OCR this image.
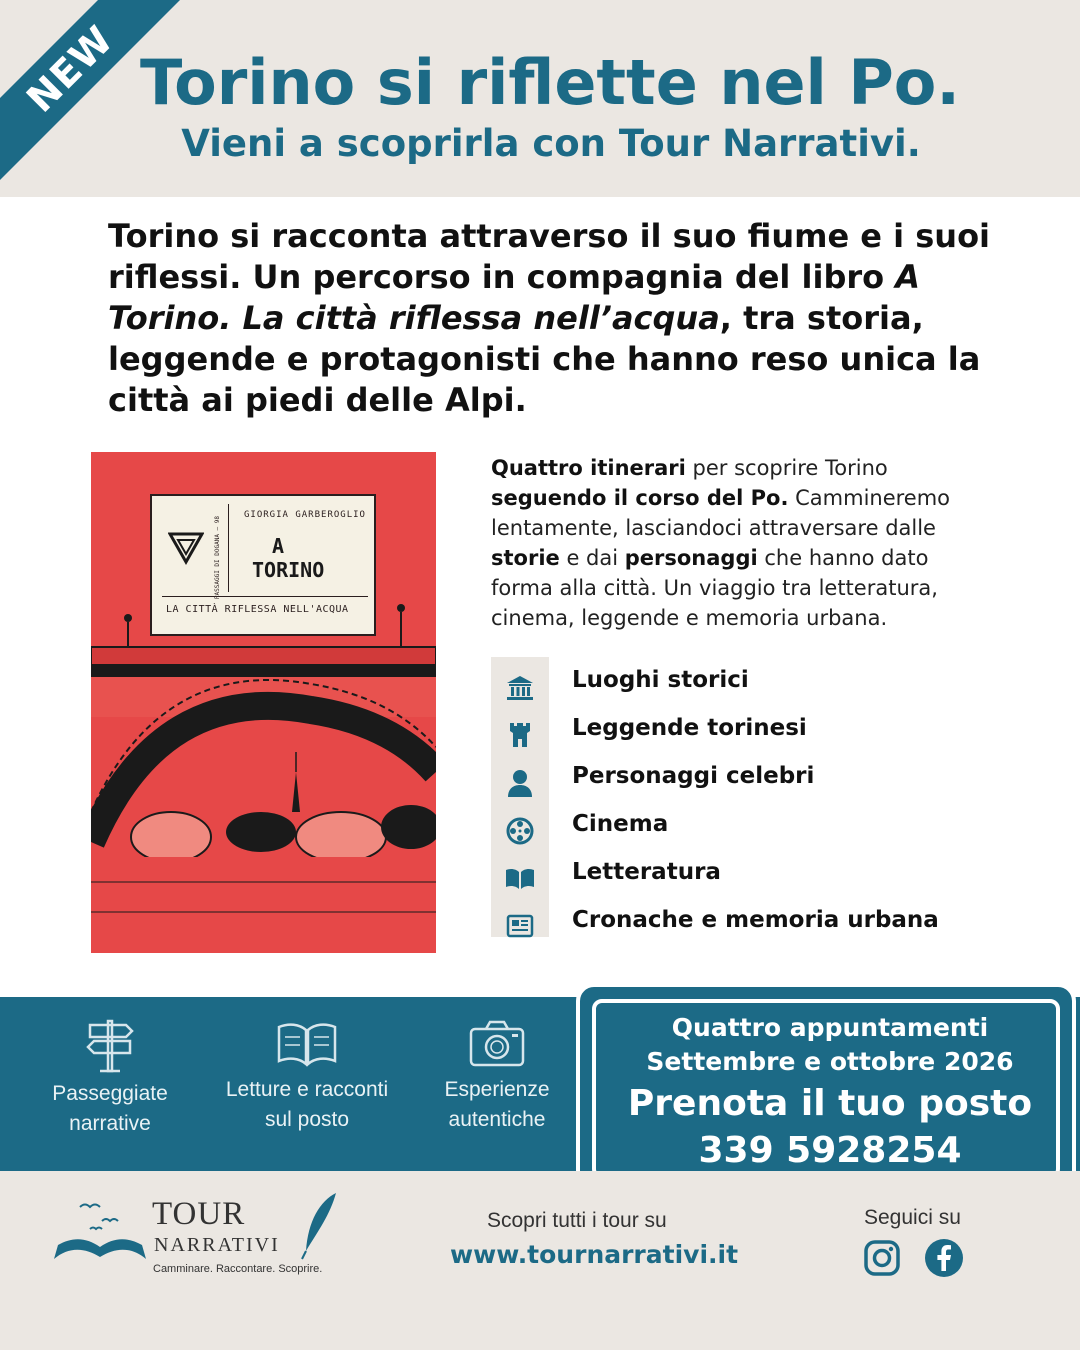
NEW Torino si riflette nel Po.
Vieni a scoprirla con Tour Narrativi.
Torino si racconta attraverso il suo fiume e i suoi riflessi. Un percorso in compagnia del libro A Torino. La città riflessa nell’acqua, tra storia, leggende e protagonisti che hanno reso unica la città ai piedi delle Alpi.
PASSAGGI DI DOGANA – 98
GIORGIA GARBEROGLIO
A
TORINO
LA CITTÀ RIFLESSA NELL'ACQUA
Quattro itinerari per scoprire Torino seguendo il corso del Po. Cammineremo lentamente, lasciandoci attraversare dalle storie e dai personaggi che hanno dato forma alla città. Un viaggio tra letteratura, cinema, leggende e memoria urbana.
Luoghi storici
Leggende torinesi
Personaggi celebri
Cinema
Letteratura
Cronache e memoria urbana
Passeggiate
narrative
Letture e racconti
sul posto
Esperienze
autentiche
Quattro appuntamenti
Settembre e ottobre 2026
Prenota il tuo posto
339 5928254
TOUR
NARRATIVI
Camminare. Raccontare. Scoprire.
Scopri tutti i tour su
www.tournarrativi.it
Seguici su
